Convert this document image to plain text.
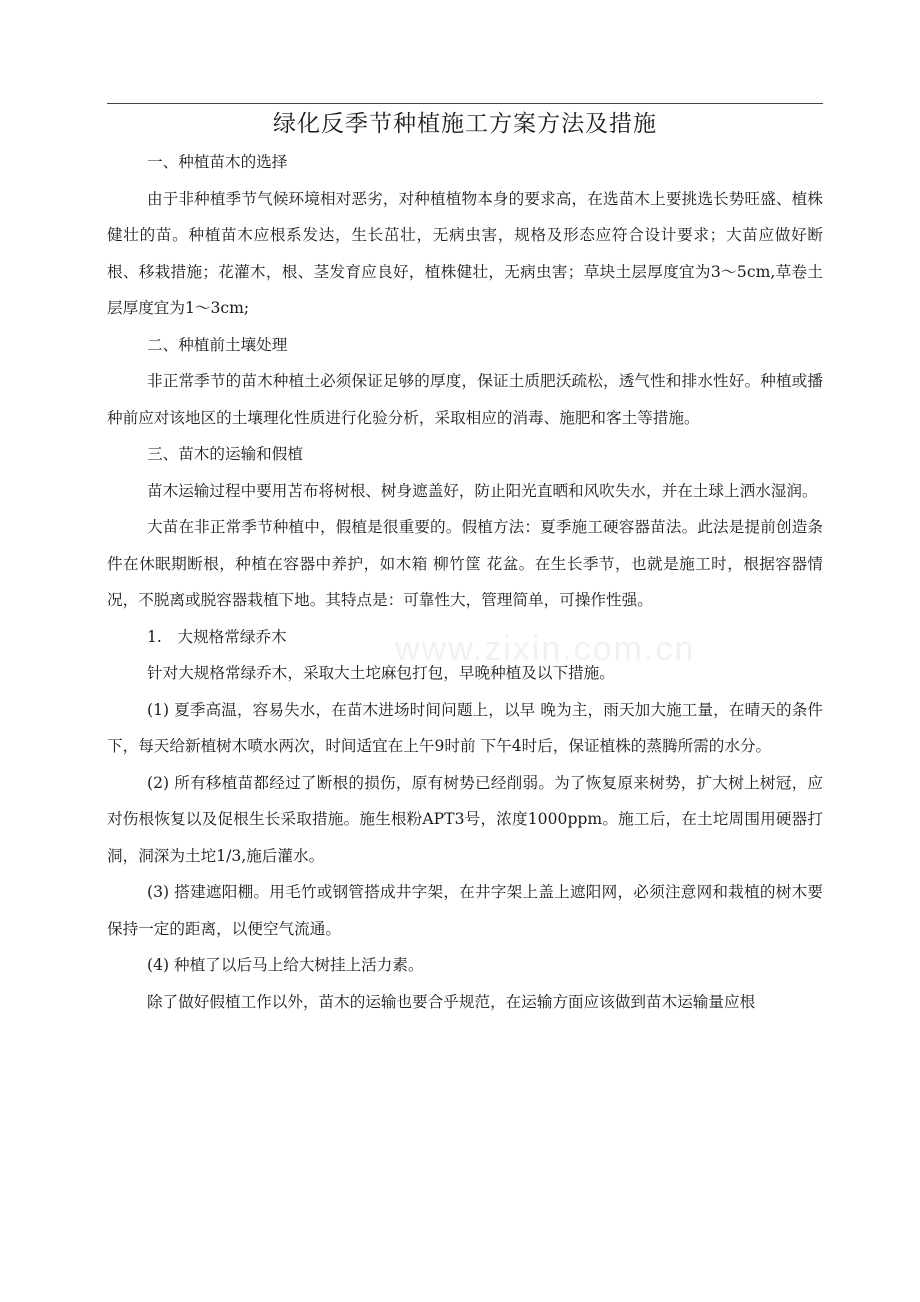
www.zixin.com.cn
绿化反季节种植施工方案方法及措施

一、种植苗木的选择

由于非种植季节气候环境相对恶劣，对种植植物本身的要求高，在选苗木上要挑选长势旺盛、植株健壮的苗。种植苗木应根系发达，生长茁壮，无病虫害，规格及形态应符合设计要求；大苗应做好断根、移栽措施；花灌木，根、茎发育应良好，植株健壮，无病虫害；草块土层厚度宜为3～5cm,草卷土层厚度宜为1～3cm;

二、种植前土壤处理

非正常季节的苗木种植土必须保证足够的厚度，保证土质肥沃疏松，透气性和排水性好。种植或播种前应对该地区的土壤理化性质进行化验分析，采取相应的消毒、施肥和客土等措施。

三、苗木的运输和假植

苗木运输过程中要用苫布将树根、树身遮盖好，防止阳光直晒和风吹失水，并在土球上洒水湿润。

大苗在非正常季节种植中，假植是很重要的。假植方法：夏季施工硬容器苗法。此法是提前创造条件在休眠期断根，种植在容器中养护，如木箱 柳竹筐 花盆。在生长季节，也就是施工时，根据容器情况，不脱离或脱容器栽植下地。其特点是：可靠性大，管理简单，可操作性强。

1.　大规格常绿乔木

针对大规格常绿乔木，采取大土坨麻包打包，早晚种植及以下措施。

(1) 夏季高温，容易失水，在苗木进场时间问题上，以早 晚为主，雨天加大施工量，在晴天的条件下，每天给新植树木喷水两次，时间适宜在上午9时前 下午4时后，保证植株的蒸腾所需的水分。

(2) 所有移植苗都经过了断根的损伤，原有树势已经削弱。为了恢复原来树势，扩大树上树冠，应对伤根恢复以及促根生长采取措施。施生根粉APT3号，浓度1000ppm。施工后，在土坨周围用硬器打洞，洞深为土坨1/3,施后灌水。

(3) 搭建遮阳棚。用毛竹或钢管搭成井字架，在井字架上盖上遮阳网，必须注意网和栽植的树木要保持一定的距离，以便空气流通。

(4) 种植了以后马上给大树挂上活力素。

除了做好假植工作以外，苗木的运输也要合乎规范，在运输方面应该做到苗木运输量应根
